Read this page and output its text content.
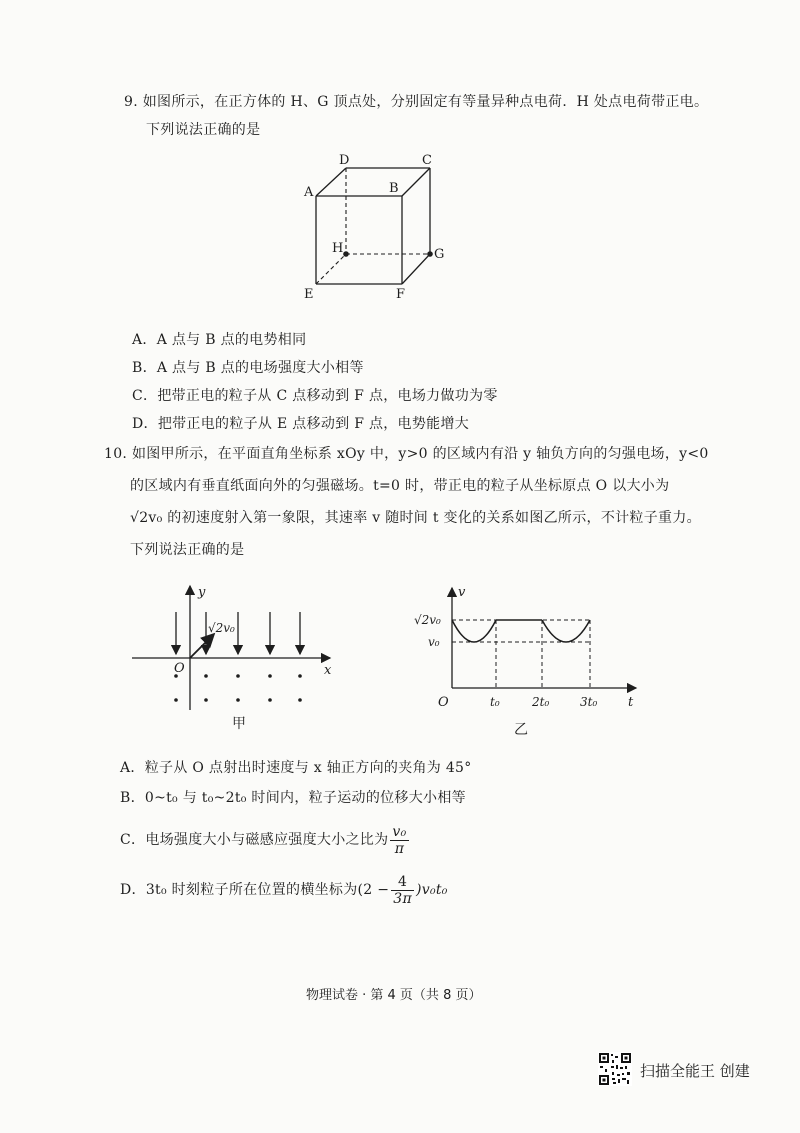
9. 如图所示，在正方体的 H、G 顶点处，分别固定有等量异种点电荷．H 处点电荷带正电。
下列说法正确的是
A	B
C
D
E	F
G
H
A．A 点与 B 点的电势相同
B．A 点与 B 点的电场强度大小相等
C．把带正电的粒子从 C 点移动到 F 点，电场力做功为零
D．把带正电的粒子从 E 点移动到 F 点，电势能增大
10. 如图甲所示，在平面直角坐标系 xOy 中，y>0 的区域内有沿 y 轴负方向的匀强电场，y<0
的区域内有垂直纸面向外的匀强磁场。t=0 时，带正电的粒子从坐标原点 O 以大小为
√2v₀ 的初速度射入第一象限，其速率 v 随时间 t 变化的关系如图乙所示，不计粒子重力。
下列说法正确的是
y
x
O
√2v₀
甲
v
t
O
√2v₀
v₀
t₀	2t₀	3t₀
乙
A．粒子从 O 点射出时速度与 x 轴正方向的夹角为 45°
B．0~t₀ 与 t₀~2t₀ 时间内，粒子运动的位移大小相等
C．电场强度大小与磁感应强度大小之比为 $\frac{\text{v₀}}{\pi}$
D．3t₀ 时刻粒子所在位置的横坐标为$(2 - \frac{4}{3\pi} )v_0t_0$
物理试卷 · 第 4 页（共 8 页）
扫描全能王 创建
